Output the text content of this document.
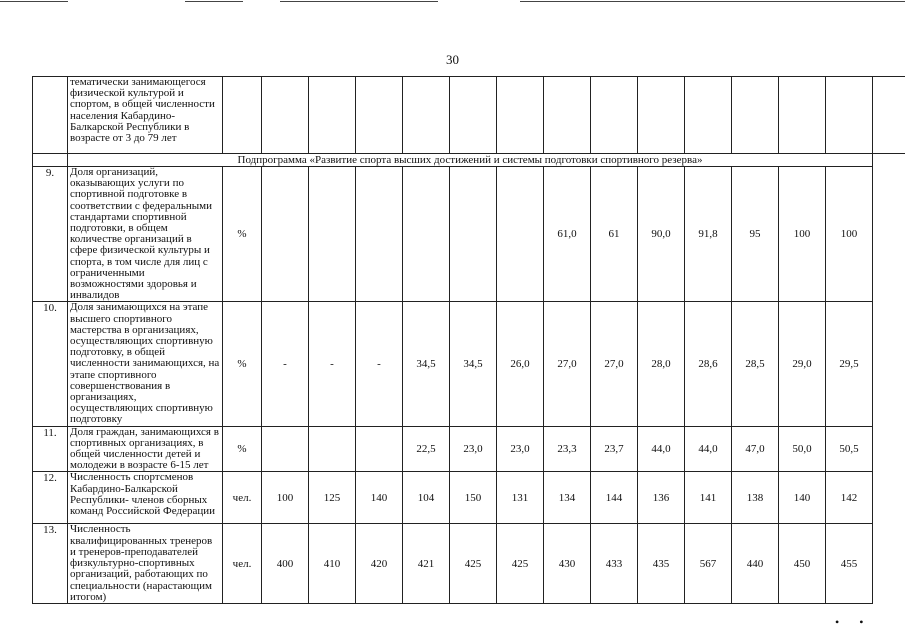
30
	тематически занимающегося физической культурой и спортом, в общей численности населения Кабардино-Балкарской Республики в возрасте от 3 до 79 лет															
	Подпрограмма «Развитие спорта высших достижений и системы подготовки спортивного резерва»															
9.	Доля организаций, оказывающих услуги по спортивной подготовке в соответствии с федеральными стандартами спортивной подготовки, в общем количестве организаций в сфере физической культуры и спорта, в том числе для лиц с ограниченными возможностями здоровья и инвалидов	%							61,0	61	90,0	91,8	95	100	100	
10.	Доля занимающихся на этапе высшего спортивного мастерства в организациях, осуществляющих спортивную подготовку, в общей численности занимающихся, на этапе спортивного совершенствования в организациях, осуществляющих спортивную подготовку	%	-	-	-	34,5	34,5	26,0	27,0	27,0	28,0	28,6	28,5	29,0	29,5	
11.	Доля граждан, занимающихся в спортивных организациях, в общей численности детей и молодежи в возрасте 6-15 лет	%				22,5	23,0	23,0	23,3	23,7	44,0	44,0	47,0	50,0	50,5	
12.	Численность спортсменов Кабардино-Балкарской Республики- членов сборных команд Российской Федерации	чел.	100	125	140	104	150	131	134	144	136	141	138	140	142	
13.	Численность квалифицированных тренеров и тренеров-преподавателей физкультурно-спортивных организаций, работающих по специальности (нарастающим итогом)	чел.	400	410	420	421	425	425	430	433	435	567	440	450	455	
••
